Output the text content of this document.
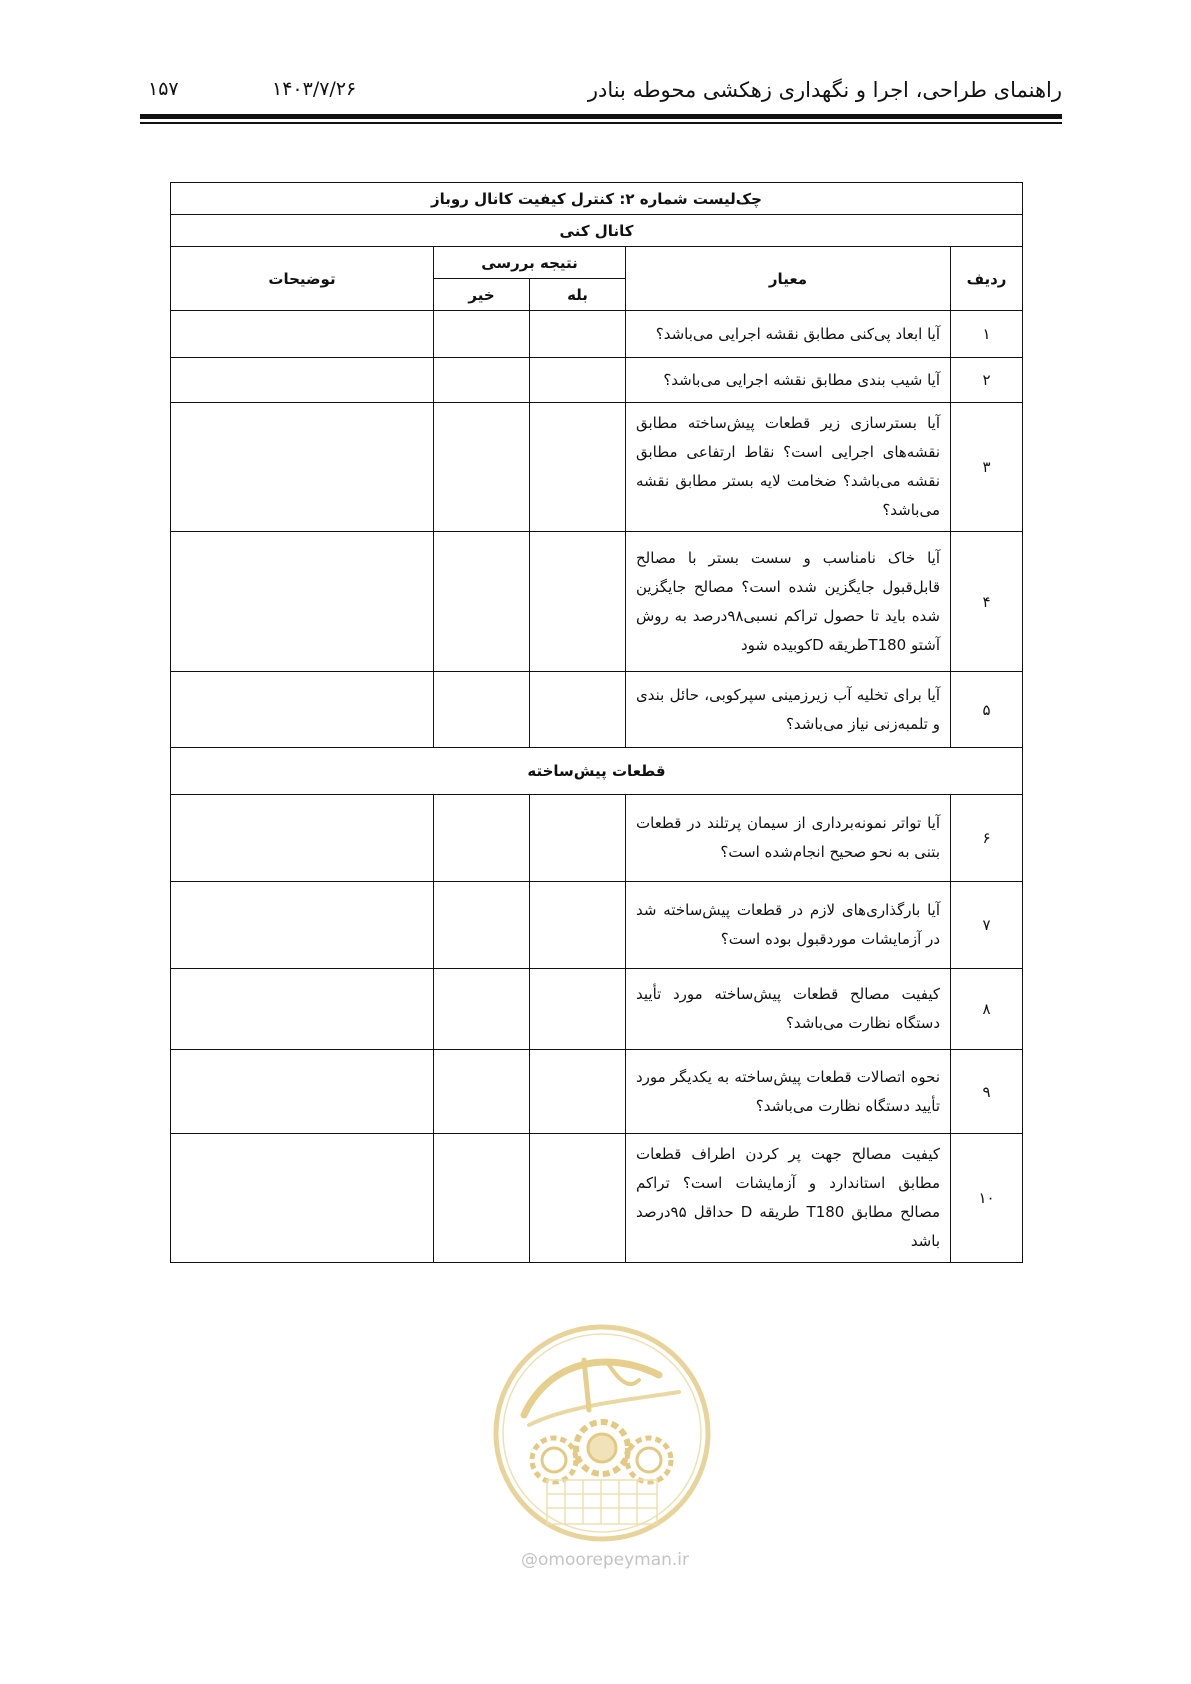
راهنمای طراحی، اجرا و نگهداری زهکشی محوطه بنادر
۱۴۰۳/۷/۲۶
۱۵۷
چک‌لیست شماره ۲: کنترل کیفیت کانال روباز				
کانال کنی				
ردیف	معیار	نتیجه بررسی		توضیحات
		بله	خیر	
۱	آیا ابعاد پی‌کنی مطابق نقشه اجرایی می‌باشد؟			
۲	آیا شیب بندی مطابق نقشه اجرایی می‌باشد؟			
۳	آیا بسترسازی زیر قطعات پیش‌ساخته مطابق نقشه‌های اجرایی است؟ نقاط ارتفاعی مطابق نقشه می‌باشد؟ ضخامت لایه بستر مطابق نقشه می‌باشد؟			
۴	آیا خاک نامناسب و سست بستر با مصالح قابل‌قبول جایگزین شده است؟ مصالح جایگزین شده باید تا حصول تراکم نسبی۹۸درصد به روش آشتو T180طریقه Dکوبیده شود			
۵	آیا برای تخلیه آب زیرزمینی سپرکوبی، حائل بندی و تلمبه‌زنی نیاز می‌باشد؟			
قطعات پیش‌ساخته				
۶	آیا تواتر نمونه‌برداری از سیمان پرتلند در قطعات بتنی به نحو صحیح انجام‌شده است؟			
۷	آیا بارگذاری‌های لازم در قطعات پیش‌ساخته شد در آزمایشات موردقبول بوده است؟			
۸	کیفیت مصالح قطعات پیش‌ساخته مورد تأیید دستگاه نظارت می‌باشد؟			
۹	نحوه اتصالات قطعات پیش‌ساخته به یکدیگر مورد تأیید دستگاه نظارت می‌باشد؟			
۱۰	کیفیت مصالح جهت پر کردن اطراف قطعات مطابق استاندارد و آزمایشات است؟ تراکم مصالح مطابق T180 طریقه D حداقل ۹۵درصد باشد			
@omoorepeyman.ir
